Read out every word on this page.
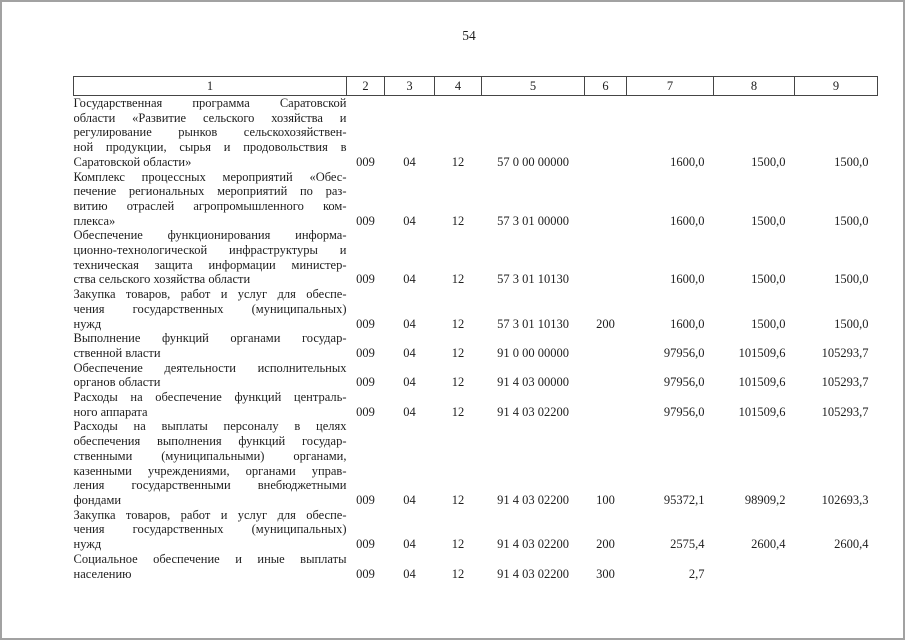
54
1	2	3	4	5	6	7	8	9

Государственная программа Саратовской
области «Развитие сельского хозяйства и
регулирование рынков сельскохозяйствен-
ной продукции, сырья и продовольствия в
Саратовской области»	009	04	12	57 0 00 00000		1600,0	1500,0	1500,0

Комплекс процессных мероприятий «Обес-
печение региональных мероприятий по раз-
витию отраслей агропромышленного ком-
плекса»	009	04	12	57 3 01 00000		1600,0	1500,0	1500,0

Обеспечение функционирования информа-
ционно-технологической инфраструктуры и
техническая защита информации министер-
ства сельского хозяйства области	009	04	12	57 3 01 10130		1600,0	1500,0	1500,0

Закупка товаров, работ и услуг для обеспе-
чения государственных (муниципальных)
нужд	009	04	12	57 3 01 10130	200	1600,0	1500,0	1500,0

Выполнение функций органами государ-
ственной власти	009	04	12	91 0 00 00000		97956,0	101509,6	105293,7

Обеспечение деятельности исполнительных
органов области	009	04	12	91 4 03 00000		97956,0	101509,6	105293,7

Расходы на обеспечение функций централь-
ного аппарата	009	04	12	91 4 03 02200		97956,0	101509,6	105293,7

Расходы на выплаты персоналу в целях
обеспечения выполнения функций государ-
ственными (муниципальными) органами,
казенными учреждениями, органами управ-
ления государственными внебюджетными
фондами	009	04	12	91 4 03 02200	100	95372,1	98909,2	102693,3

Закупка товаров, работ и услуг для обеспе-
чения государственных (муниципальных)
нужд	009	04	12	91 4 03 02200	200	2575,4	2600,4	2600,4

Социальное обеспечение и иные выплаты
населению	009	04	12	91 4 03 02200	300	2,7		
